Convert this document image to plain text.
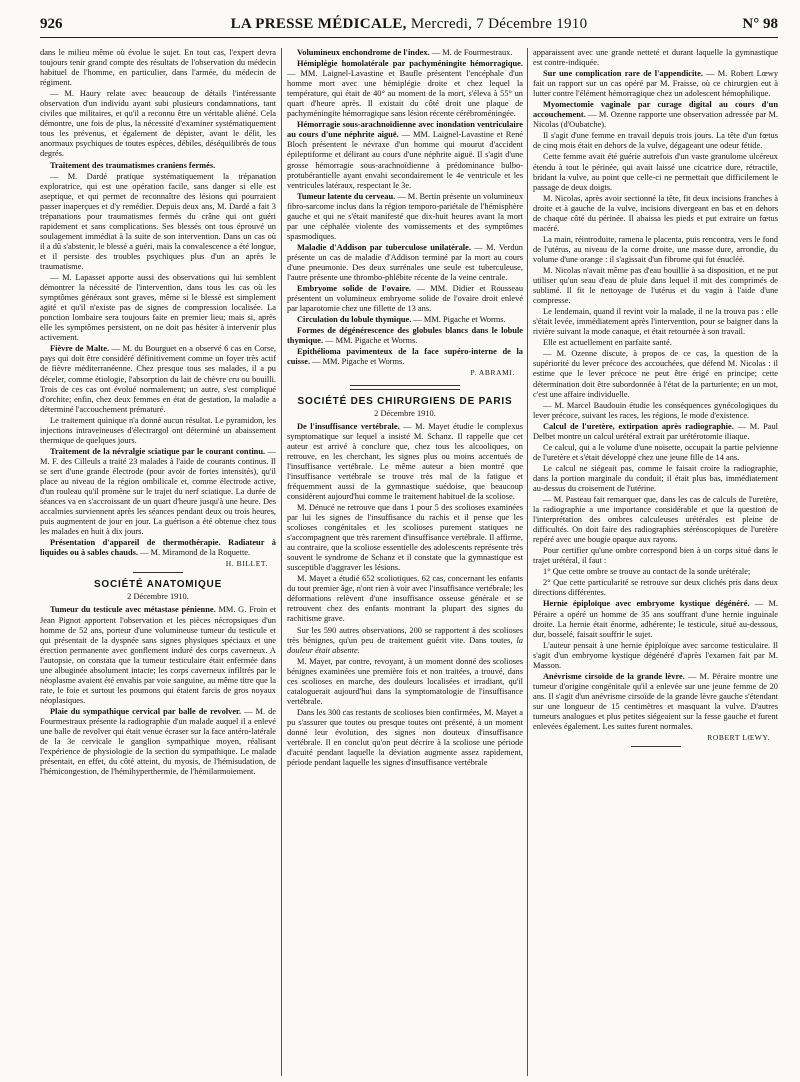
926	LA PRESSE MÉDICALE, Mercredi, 7 Décembre 1910	N° 98

dans le milieu même où évolue le sujet. En tout cas, l'expert devra toujours tenir grand compte des résultats de l'observation du médecin habituel de l'homme, en particulier, dans l'armée, du médecin de régiment.

— M. Haury relate avec beaucoup de détails l'intéressante observation d'un individu ayant subi plusieurs condamnations, tant civiles que militaires, et qu'il a reconnu être un véritable aliéné. Cela démontre, une fois de plus, la nécessité d'examiner systématiquement tous les prévenus, et également de dépister, avant le délit, les anormaux psychiques de toutes espèces, débiles, déséquilibrés de tous degrés.

Traitement des traumatismes craniens fermés.

— M. Dardé pratique systématiquement la trépanation exploratrice, qui est une opération facile, sans danger si elle est aseptique, et qui permet de reconnaître des lésions qui pourraient passer inaperçues et d'y remédier. Depuis deux ans, M. Dardé a fait 3 trépanations pour traumatismes fermés du crâne qui ont guéri rapidement et sans complications. Ses blessés ont tous éprouvé un soulagement immédiat à la suite de son intervention. Dans un cas où il a dû s'abstenir, le blessé a guéri, mais la convalescence a été longue, et il persiste des troubles psychiques plus d'un an après le traumatisme.

— M. Lapasset apporte aussi des observations qui lui semblent démontrer la nécessité de l'intervention, dans tous les cas où les symptômes généraux sont graves, même si le blessé est simplement agité et qu'il n'existe pas de signes de compression localisée. La ponction lombaire sera toujours faite en premier lieu; mais si, après elle les symptômes persistent, on ne doit pas hésiter à intervenir plus activement.

Fièvre de Malte. — M. du Bourguet en a observé 6 cas en Corse, pays qui doit être considéré définitivement comme un foyer très actif de fièvre méditerranéenne. Chez presque tous ses malades, il a pu déceler, comme étiologie, l'absorption du lait de chèvre cru ou bouilli. Trois de ces cas ont évolué normalement; un autre, s'est compliqué d'orchite; enfin, chez deux femmes en état de gestation, la maladie a déterminé l'accouchement prématuré.

Le traitement quinique n'a donné aucun résultat. Le pyramidon, les injections intraveineuses d'électrargol ont déterminé un abaissement thermique de quelques jours.

Traitement de la névralgie sciatique par le courant continu. — M. F. des Cilleuls a traité 23 malades à l'aide de courants continus. Il se sert d'une grande électrode (pour avoir de fortes intensités), qu'il place au niveau de la région ombilicale et, comme électrode active, d'un rouleau qu'il promène sur le trajet du nerf sciatique. La durée de séances va en s'accroissant de un quart d'heure jusqu'à une heure. Des accalmies surviennent après les séances pendant deux ou trois heures, puis augmentent de jour en jour. La guérison a été obtenue chez tous les malades en huit à dix jours.

Présentation d'appareil de thermothérapie. Radiateur à liquides ou à sables chauds. — M. Miramond de la Roquette.

H. BILLET.
SOCIÉTÉ ANATOMIQUE
2 Décembre 1910.

Tumeur du testicule avec métastase pénienne. MM. G. Froin et Jean Pignot apportent l'observation et les pièces nécropsiques d'un homme de 52 ans, porteur d'une volumineuse tumeur du testicule et qui présentait de la dyspnée sans signes physiques spéciaux et une érection permanente avec gonflement induré des corps caverneux. A l'autopsie, on constata que la tumeur testiculaire était enfermée dans une albuginée absolument intacte; les corps caverneux infiltrés par le néoplasme avaient été envahis par voie sanguine, au même titre que la rate, le foie et surtout les poumons qui étaient farcis de gros noyaux néoplasiques.

Plaie du sympathique cervical par balle de revolver. — M. de Fourmestraux présente la radiographie d'un malade auquel il a enlevé une balle de revolver qui était venue écraser sur la face antéro-latérale de la 3e cervicale le ganglion sympathique moyen, réalisant l'expérience de physiologie de la section du sympathique. Le malade présentait, en effet, du côté atteint, du myosis, de l'hémisudation, de l'hémicongestion, de l'hémihyperthermie, de l'hémilarmoiement.

Volumineux enchondrome de l'index. — M. de Fourmestraux.

Hémiplégie homolatérale par pachyméningite hémorragique. — MM. Laignel-Lavastine et Baufle présentent l'encéphale d'un homme mort avec une hémiplégie droite et chez lequel la température, qui était de 40° au moment de la mort, s'éleva à 55° un quart d'heure après. Il existait du côté droit une plaque de pachyméningite hémorragique sans lésion récente cérébroméningée.

Hémorragie sous-arachnoïdienne avec inondation ventriculaire au cours d'une néphrite aiguë. — MM. Laignel-Lavastine et René Bloch présentent le névraxe d'un homme qui mourut d'accident épileptiforme et délirant au cours d'une néphrite aiguë. Il s'agit d'une grosse hémorragie sous-arachnoïdienne à prédominance bulbo-protubérantielle ayant envahi secondairement le 4e ventricule et les ventricules latéraux, respectant le 3e.

Tumeur latente du cerveau. — M. Bertin présente un volumineux fibro-sarcome inclus dans la région temporo-pariétale de l'hémisphère gauche et qui ne s'était manifesté que dix-huit heures avant la mort par une céphalée violente des vomissements et des symptômes spasmodiques.

Maladie d'Addison par tuberculose unilatérale. — M. Verdun présente un cas de maladie d'Addison terminé par la mort au cours d'une pneumonie. Des deux surrénales une seule est tuberculeuse, l'autre présente une thrombo-phlébite récente de la veine centrale.

Embryome solide de l'ovaire. — MM. Didier et Rousseau présentent un volumineux embryome solide de l'ovaire droit enlevé par laparotomie chez une fillette de 13 ans.

Circulation du lobule thymique. — MM. Pigache et Worms.

Formes de dégénérescence des globules blancs dans le lobule thymique. — MM. Pigache et Worms.

Epithélioma pavimenteux de la face supéro-interne de la cuisse. — MM. Pigache et Worms.

P. ABRAMI.
SOCIÉTÉ DES CHIRURGIENS DE PARIS
2 Décembre 1910.

De l'insuffisance vertébrale. — M. Mayet étudie le complexus symptomatique sur lequel a insisté M. Schanz. Il rappelle que cet auteur est arrivé à conclure que, chez tous les alcooliques, on retrouve, en les cherchant, les signes plus ou moins accentués de l'insuffisance vertébrale. Le même auteur a bien montré que l'insuffisance vertébrale se trouve très mal de la fatigue et fréquemment aussi de la gymnastique suédoise, que beaucoup considèrent aujourd'hui comme le traitement habituel de la scoliose.

M. Dénucé ne retrouve que dans 1 pour 5 des scolioses examinées par lui les signes de l'insuffisance du rachis et il pense que les scolioses congénitales et les scolioses purement statiques ne s'accompagnent que très rarement d'insuffisance vertébrale. Il affirme, au contraire, que la scoliose essentielle des adolescents représente très souvent le syndrome de Schanz et il constate que la gymnastique est susceptible d'aggraver les lésions.

M. Mayet a étudié 652 scoliotiques. 62 cas, concernant les enfants du tout premier âge, n'ont rien à voir avec l'insuffisance vertébrale; les déformations relèvent d'une insuffisance osseuse générale et se retrouvent chez des enfants montrant la plupart des signes du rachitisme grave.

Sur les 590 autres observations, 200 se rapportent à des scolioses très bénignes, qu'un peu de traitement guérit vite. Dans toutes, la douleur était absente.

M. Mayet, par contre, revoyant, à un moment donné des scolioses bénignes examinées une première fois et non traitées, a trouvé, dans ces scolioses en marche, des douleurs localisées et irradiant, qu'il cataloguerait aujourd'hui dans la symptomatologie de l'insuffisance vertébrale.

Dans les 300 cas restants de scolioses bien confirmées, M. Mayet a pu s'assurer que toutes ou presque toutes ont présenté, à un moment donné leur évolution, des signes non douteux d'insuffisance vertébrale. Il en conclut qu'on peut décrire à la scoliose une période d'acuité pendant laquelle la déviation augmente assez rapidement, période pendant laquelle les signes d'insuffisance vertébrale

apparaissent avec une grande netteté et durant laquelle la gymnastique est contre-indiquée.

Sur une complication rare de l'appendicite. — M. Robert Lœwy fait un rapport sur un cas opéré par M. Fraisse, où ce chirurgien eut à lutter contre l'élément hémorragique chez un adolescent hémophilique.

Myomectomie vaginale par curage digital au cours d'un accouchement. — M. Ozenne rapporte une observation adressée par M. Nicolas (d'Oubatche).

Il s'agit d'une femme en travail depuis trois jours. La tête d'un fœtus de cinq mois était en dehors de la vulve, dégageant une odeur fétide.

Cette femme avait été guérie autrefois d'un vaste granulome ulcéreux étendu à tout le périnée, qui avait laissé une cicatrice dure, rétractile, bridant la vulve, au point que celle-ci ne permettait que difficilement le passage de deux doigts.

M. Nicolas, après avoir sectionné la tête, fit deux incisions franches à droite et à gauche de la vulve, incisions divergeant en bas et en dehors de chaque côté du périnée. Il abaissa les pieds et put extraire un fœtus macéré.

La main, réintroduite, ramena le placenta, puis rencontra, vers le fond de l'utérus, au niveau de la corne droite, une masse dure, arrondie, du volume d'une orange : il s'agissait d'un fibrome qui fut énucléé.

M. Nicolas n'avait même pas d'eau bouillie à sa disposition, et ne put utiliser qu'un seau d'eau de pluie dans lequel il mit des comprimés de sublimé. Il fit le nettoyage de l'utérus et du vagin à l'aide d'une compresse.

Le lendemain, quand il revint voir la malade, il ne la trouva pas : elle s'était levée, immédiatement après l'intervention, pour se baigner dans la rivière suivant la mode canaque, et était retournée à son travail.

Elle est actuellement en parfaite santé.

— M. Ozenne discute, à propos de ce cas, la question de la supériorité du lever précoce des accouchées, que défend M. Nicolas : il estime que le lever précoce ne peut être érigé en principe; cette détermination doit être subordonnée à l'état de la parturiente; en un mot, c'est une affaire individuelle.

— M. Marcel Baudouin étudie les conséquences gynécologiques du lever précoce, suivant les races, les régions, le mode d'existence.

Calcul de l'uretère, extirpation après radiographie. — M. Paul Delbet montre un calcul urétéral extrait par urétérotomie iliaque.

Ce calcul, qui a le volume d'une noisette, occupait la partie pelvienne de l'uretère et s'était développé chez une jeune fille de 14 ans.

Le calcul ne siégeait pas, comme le faisait croire la radiographie, dans la portion marginale du conduit; il était plus bas, immédiatement au-dessus du croisement de l'utérine.

— M. Pasteau fait remarquer que, dans les cas de calculs de l'uretère, la radiographie a une importance considérable et que la question de l'interprétation des ombres calculeuses urétérales est pleine de difficultés. On doit faire des radiographies stéréoscopiques de l'uretère repéré avec une bougie opaque aux rayons.

Pour certifier qu'une ombre correspond bien à un corps situé dans le trajet urétéral, il faut :

1° Que cette ombre se trouve au contact de la sonde urétérale;

2° Que cette particularité se retrouve sur deux clichés pris dans deux directions différentes.

Hernie épiploïque avec embryome kystique dégénéré. — M. Péraire a opéré un homme de 35 ans souffrant d'une hernie inguinale droite. La hernie était énorme, adhérente; le testicule, situé au-dessous, dur, bosselé, faisait souffrir le sujet.

L'auteur pensait à une hernie épiploïque avec sarcome testiculaire. Il s'agit d'un embryome kystique dégénéré d'après l'examen fait par M. Masson.

Anévrisme cirsoïde de la grande lèvre. — M. Péraire montre une tumeur d'origine congénitale qu'il a enlevée sur une jeune femme de 20 ans. Il s'agit d'un anévrisme cirsoïde de la grande lèvre gauche s'étendant sur une longueur de 15 centimètres et masquant la vulve. D'autres tumeurs analogues et plus petites siégeaient sur la fesse gauche et furent enlevées également. Les suites furent normales.

ROBERT LŒWY.
